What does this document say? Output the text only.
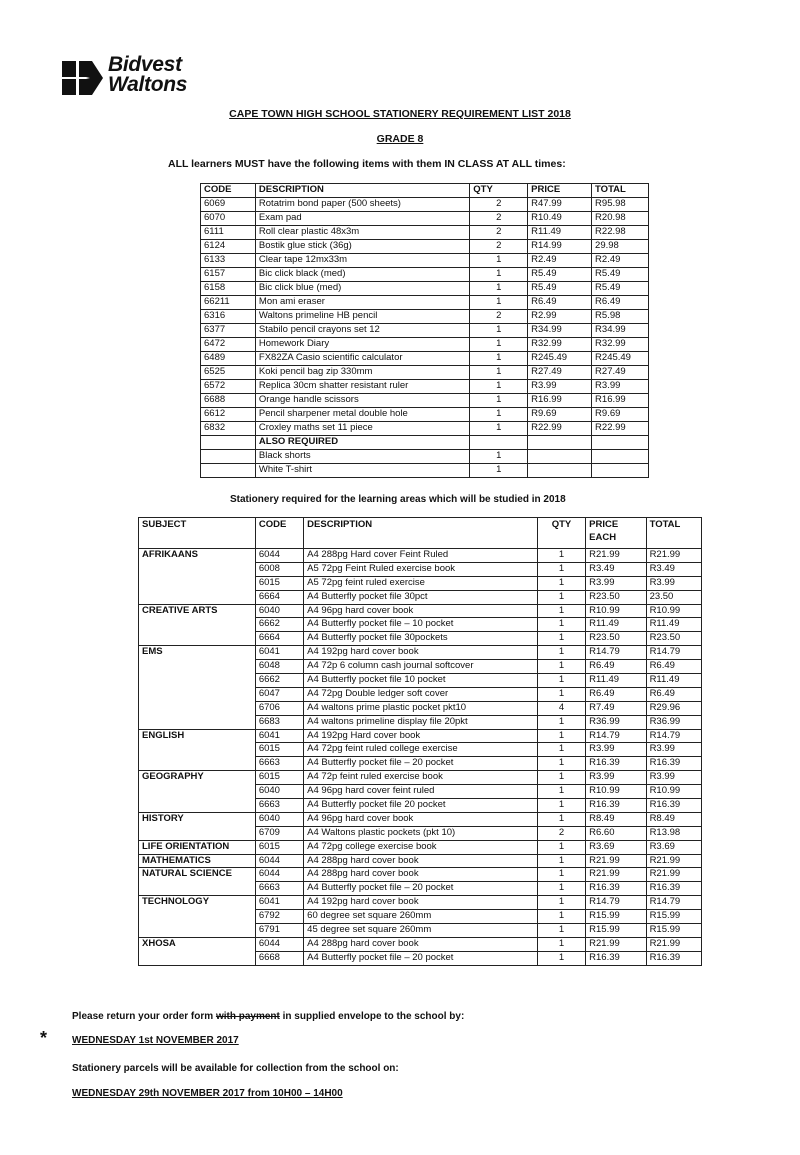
Bidvest
Waltons
CAPE TOWN HIGH SCHOOL STATIONERY REQUIREMENT LIST 2018
GRADE 8
ALL learners MUST have the following items with them IN CLASS AT ALL times:
CODE	DESCRIPTION	QTY	PRICE	TOTAL
6069	Rotatrim bond paper (500 sheets)	2	R47.99	R95.98
6070	Exam pad	2	R10.49	R20.98
6111	Roll clear plastic 48x3m	2	R11.49	R22.98
6124	Bostik glue stick (36g)	2	R14.99	29.98
6133	Clear tape 12mx33m	1	R2.49	R2.49
6157	Bic click black (med)	1	R5.49	R5.49
6158	Bic click blue (med)	1	R5.49	R5.49
66211	Mon ami eraser	1	R6.49	R6.49
6316	Waltons primeline HB pencil	2	R2.99	R5.98
6377	Stabilo pencil crayons set 12	1	R34.99	R34.99
6472	Homework Diary	1	R32.99	R32.99
6489	FX82ZA Casio scientific calculator	1	R245.49	R245.49
6525	Koki pencil bag zip 330mm	1	R27.49	R27.49
6572	Replica 30cm shatter resistant ruler	1	R3.99	R3.99
6688	Orange handle scissors	1	R16.99	R16.99
6612	Pencil sharpener metal double hole	1	R9.69	R9.69
6832	Croxley maths set 11 piece	1	R22.99	R22.99
	ALSO REQUIRED			
	Black shorts	1		
	White T-shirt	1		
Stationery required for the learning areas which will be studied in 2018
SUBJECT	CODE	DESCRIPTION	QTY	PRICE EACH	TOTAL
AFRIKAANS	6044	A4 288pg Hard cover Feint Ruled	1	R21.99	R21.99
	6008	A5 72pg Feint Ruled exercise book	1	R3.49	R3.49
	6015	A5 72pg feint ruled exercise	1	R3.99	R3.99
	6664	A4 Butterfly pocket file 30pct	1	R23.50	23.50
CREATIVE ARTS	6040	A4 96pg hard cover book	1	R10.99	R10.99
	6662	A4 Butterfly pocket file – 10 pocket	1	R11.49	R11.49
	6664	A4 Butterfly pocket file 30pockets	1	R23.50	R23.50
EMS	6041	A4 192pg hard cover book	1	R14.79	R14.79
	6048	A4 72p 6 column cash journal softcover	1	R6.49	R6.49
	6662	A4 Butterfly pocket file 10 pocket	1	R11.49	R11.49
	6047	A4 72pg Double ledger soft cover	1	R6.49	R6.49
	6706	A4 waltons prime plastic pocket pkt10	4	R7.49	R29.96
	6683	A4 waltons primeline display file 20pkt	1	R36.99	R36.99
ENGLISH	6041	A4 192pg Hard cover book	1	R14.79	R14.79
	6015	A4 72pg feint ruled college exercise	1	R3.99	R3.99
	6663	A4 Butterfly pocket file – 20 pocket	1	R16.39	R16.39
GEOGRAPHY	6015	A4 72p feint ruled exercise book	1	R3.99	R3.99
	6040	A4 96pg hard cover feint ruled	1	R10.99	R10.99
	6663	A4 Butterfly pocket file 20 pocket	1	R16.39	R16.39
HISTORY	6040	A4 96pg hard cover book	1	R8.49	R8.49
	6709	A4 Waltons plastic pockets (pkt 10)	2	R6.60	R13.98
LIFE ORIENTATION	6015	A4 72pg college exercise book	1	R3.69	R3.69
MATHEMATICS	6044	A4 288pg hard cover book	1	R21.99	R21.99
NATURAL SCIENCE	6044	A4 288pg hard cover book	1	R21.99	R21.99
	6663	A4 Butterfly pocket file – 20 pocket	1	R16.39	R16.39
TECHNOLOGY	6041	A4 192pg hard cover book	1	R14.79	R14.79
	6792	60 degree set square 260mm	1	R15.99	R15.99
	6791	45 degree set square 260mm	1	R15.99	R15.99
XHOSA	6044	A4 288pg hard cover book	1	R21.99	R21.99
	6668	A4 Butterfly pocket file – 20 pocket	1	R16.39	R16.39
*
Please return your order form with payment in supplied envelope to the school by:
WEDNESDAY 1st NOVEMBER 2017
Stationery parcels will be available for collection from the school on:
WEDNESDAY 29th NOVEMBER 2017 from 10H00 – 14H00
